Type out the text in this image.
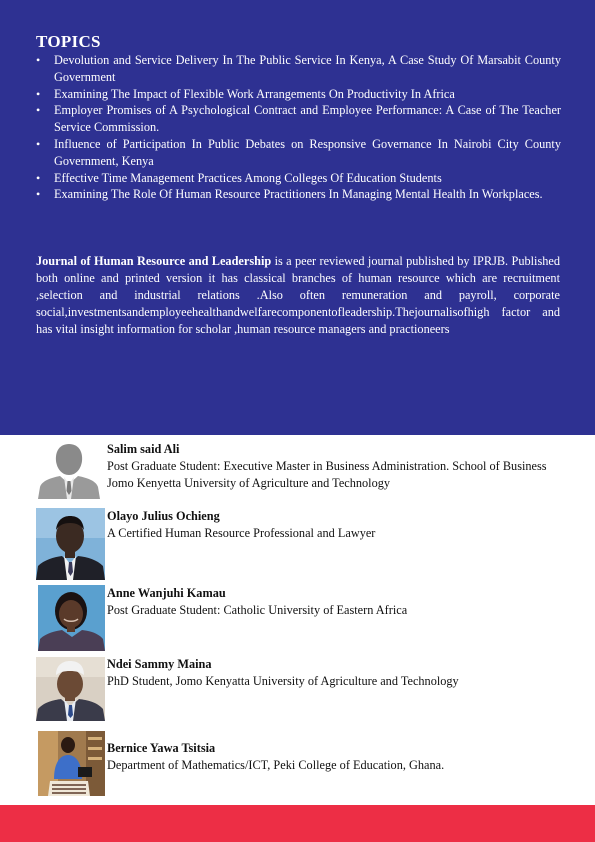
TOPICS
• Devolution and Service Delivery In The Public Service In Kenya, A Case Study Of Marsabit County Government
• Examining The Impact of Flexible Work Arrangements On Productivity In Africa
• Employer Promises of A Psychological Contract and Employee Performance: A Case of The Teacher Service Commission.
• Influence of Participation In Public Debates on Responsive Governance In Nairobi City County Government, Kenya
• Effective Time Management Practices Among Colleges Of Education Students
• Examining The Role Of Human Resource Practitioners In Managing Mental Health In Workplaces.

Journal of Human Resource and Leadership is a peer reviewed journal published by IPRJB. Published both online and printed version it has classical branches of human resource which are recruitment ,selection and industrial relations .Also often remuneration and payroll, corporate social,investmentsandemployeehealthandwelfarecomponentofleadership.Thejournalisofhigh factor and has vital insight information for scholar ,human resource managers and practioneers

Salim said Ali
Post Graduate Student: Executive Master in Business Administration. School of Business Jomo Kenyetta University of Agriculture and Technology
Olayo Julius Ochieng
A Certified Human Resource Professional and Lawyer
Anne Wanjuhi Kamau
Post Graduate Student: Catholic University of Eastern Africa
Ndei Sammy Maina
PhD Student, Jomo Kenyatta University of Agriculture and Technology
Bernice Yawa Tsitsia
Department of Mathematics/ICT, Peki College of Education, Ghana.
